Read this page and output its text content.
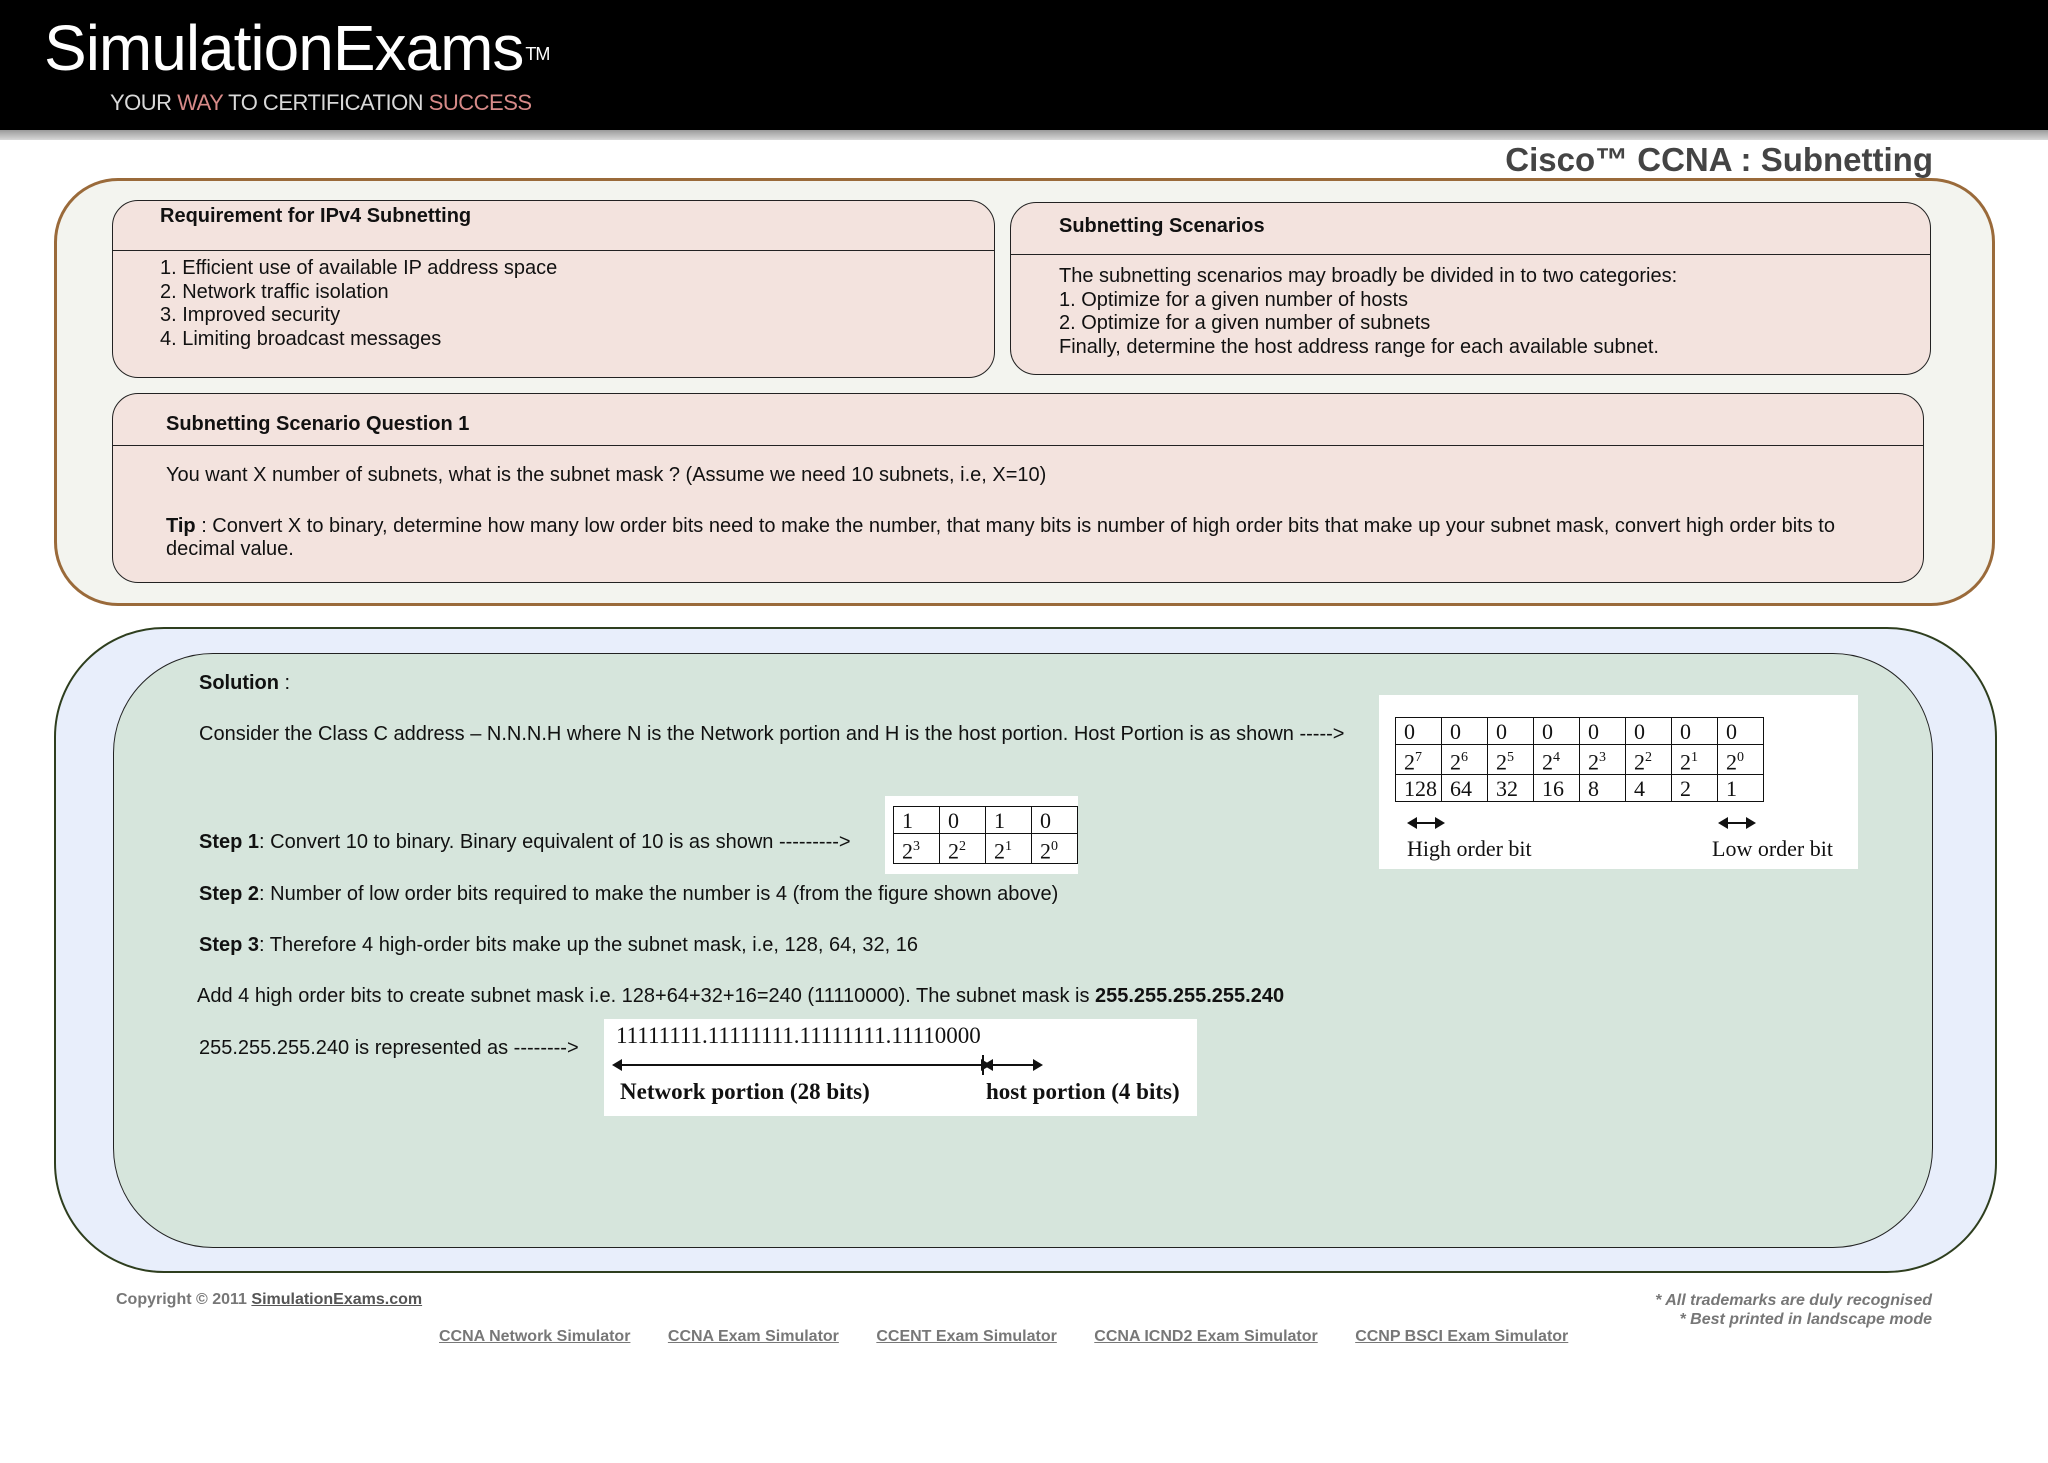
SimulationExams ™
YOUR WAY TO CERTIFICATION SUCCESS
Cisco™ CCNA : Subnetting
Requirement for IPv4 Subnetting
1. Efficient use of available IP address space
2. Network traffic isolation
3. Improved security
4. Limiting broadcast messages
Subnetting Scenarios
The subnetting scenarios may broadly be divided in to two categories:
1. Optimize for a given number of hosts
2. Optimize for a given number of subnets
Finally, determine the host address range for each available subnet.
Subnetting Scenario Question 1
You want X number of subnets, what is the subnet mask ? (Assume we need 10 subnets, i.e, X=10)
Tip : Convert X to binary, determine how many low order bits need to make the number, that many bits is number of high order bits that make up your subnet mask, convert high order bits to decimal value.
Solution :
Consider the Class C address – N.N.N.H where N is the Network portion and H is the host portion. Host Portion is as shown ----->
Step 1: Convert 10 to binary. Binary equivalent of 10 is as shown --------->
Step 2: Number of low order bits required to make the number is 4 (from the figure shown above)
Step 3: Therefore 4 high-order bits make up the subnet mask, i.e, 128, 64, 32, 16
Add 4 high order bits to create subnet mask i.e. 128+64+32+16=240 (11110000). The subnet mask is 255.255.255.255.240
255.255.255.240 is represented as -------->
0	0	0	0	0	0	0	0
$2^7$	$2^6$	$2^5$	$2^4$	$2^3$	$2^2$	$2^1$	$2^0$
128	64	32	16	8	4	2	1
High order bit	Low order bit
1	0	1	0
$2^3$	$2^2$	$2^1$	$2^0$
11111111.11111111.11111111.11110000
Network portion (28 bits)	host portion (4 bits)
Copyright © 2011 SimulationExams.com	* All trademarks are duly recognised
* Best printed in landscape mode
CCNA Network Simulator CCNA Exam Simulator CCENT Exam Simulator CCNA ICND2 Exam Simulator CCNP BSCI Exam Simulator
